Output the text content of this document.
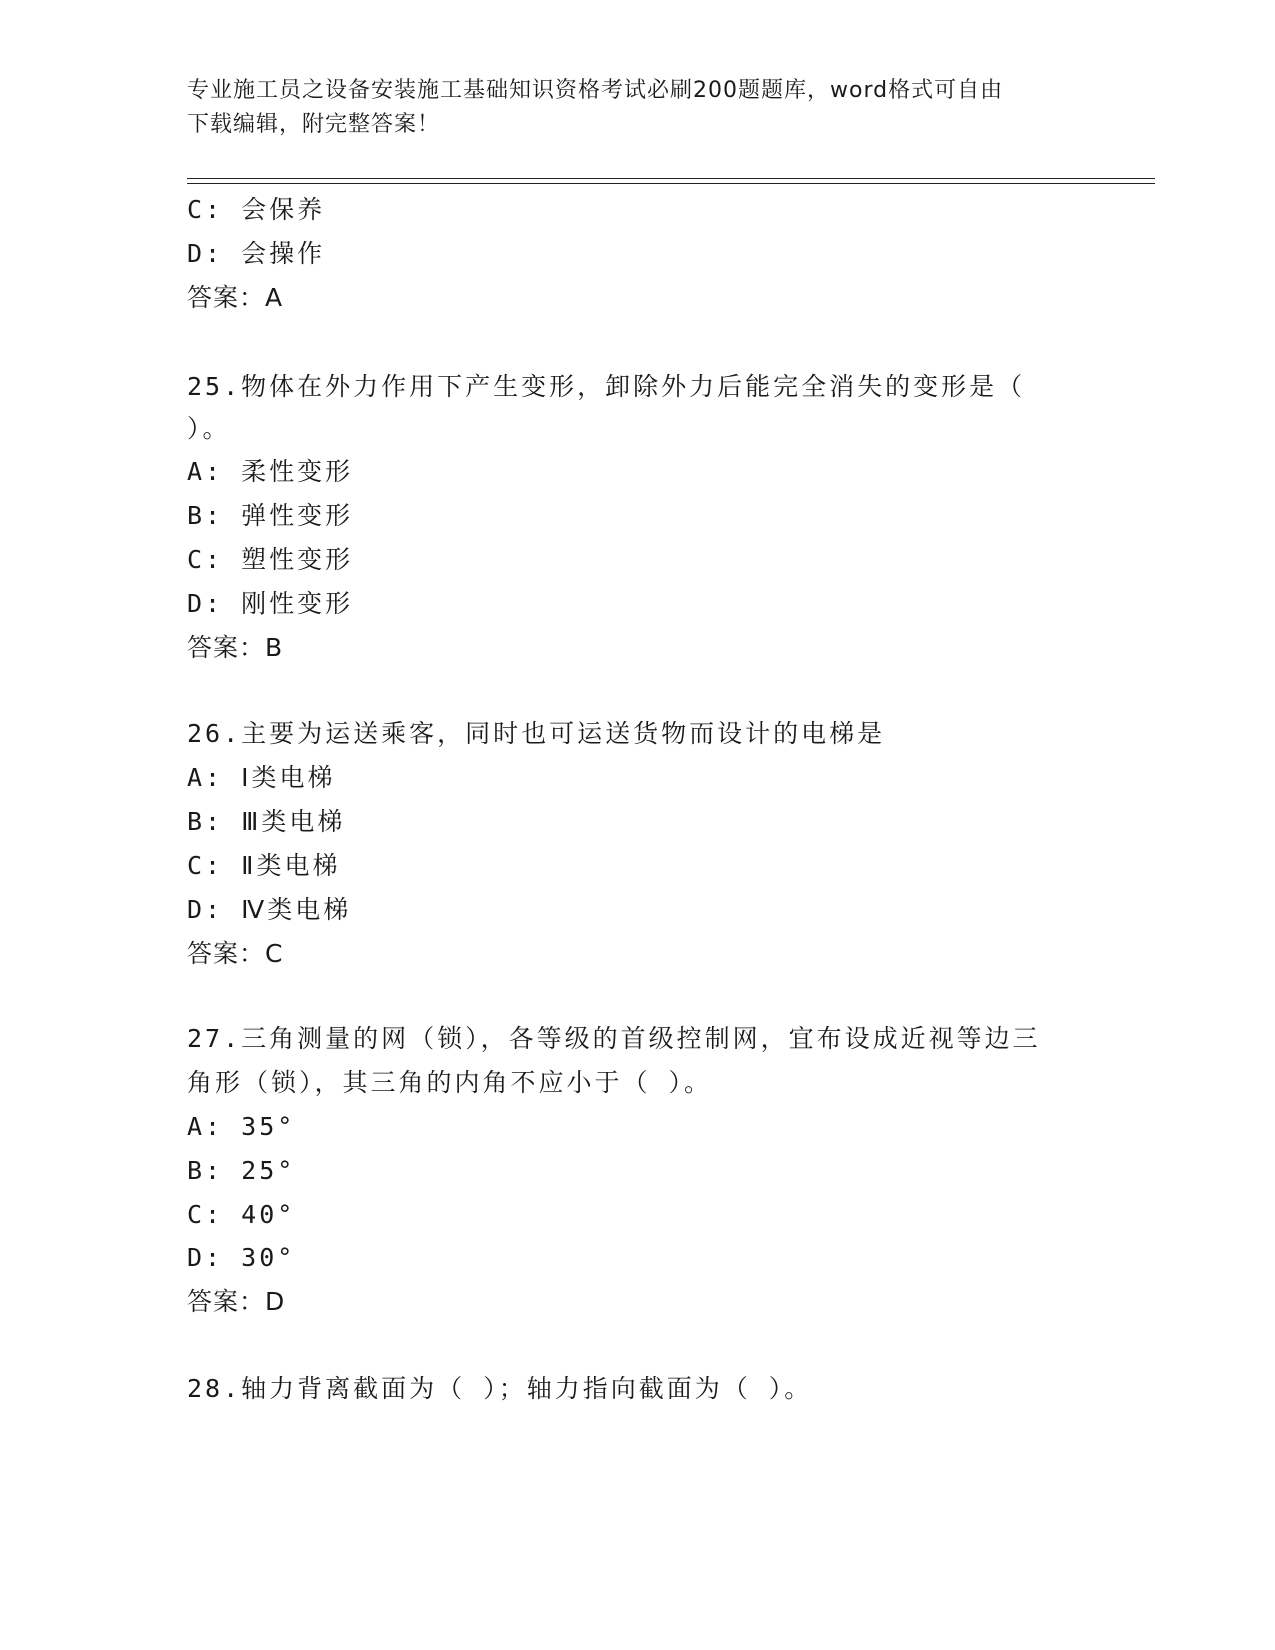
专业施工员之设备安装施工基础知识资格考试必刷200题题库，word格式可自由
下载编辑，附完整答案！
C: 会保养
D: 会操作
答案：A
25.物体在外力作用下产生变形，卸除外力后能完全消失的变形是（
）。
A: 柔性变形
B: 弹性变形
C: 塑性变形
D: 刚性变形
答案：B
26.主要为运送乘客，同时也可运送货物而设计的电梯是
A: Ⅰ类电梯
B: Ⅲ类电梯
C: Ⅱ类电梯
D: Ⅳ类电梯
答案：C
27.三角测量的网（锁），各等级的首级控制网，宜布设成近视等边三
角形（锁），其三角的内角不应小于（ ）。
A: 35°
B: 25°
C: 40°
D: 30°
答案：D
28.轴力背离截面为（ ）；轴力指向截面为（ ）。
